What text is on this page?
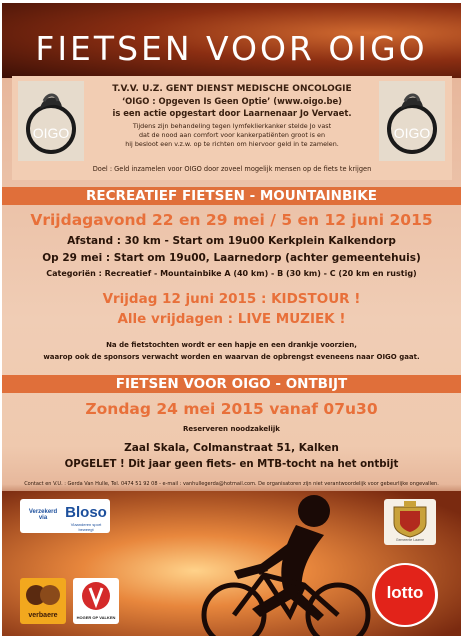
FIETSEN VOOR OIGO
OIGO	OIGO
T.V.V. U.Z. GENT DIENST MEDISCHE ONCOLOGIE
‘OIGO : Opgeven Is Geen Optie’ (www.oigo.be)
is een actie opgestart door Laarnenaar Jo Vervaet.
Tijdens zijn behandeling tegen lymfeklierkanker stelde Jo vast
dat de nood aan comfort voor kankerpatiënten groot is en
hij besloot een v.z.w. op te richten om hiervoor geld in te zamelen.
Doel : Geld inzamelen voor OIGO door zoveel mogelijk mensen op de fiets te krijgen
RECREATIEF FIETSEN - MOUNTAINBIKE
Vrijdagavond 22 en 29 mei / 5 en 12 juni 2015
Afstand : 30 km - Start om 19u00 Kerkplein Kalkendorp
Op 29 mei : Start om 19u00, Laarnedorp (achter gemeentehuis)
Categoriën : Recreatief - Mountainbike A (40 km) - B (30 km) - C (20 km en rustig)
Vrijdag 12 juni 2015 : KIDSTOUR !
Alle vrijdagen : LIVE MUZIEK !
Na de fietstochten wordt er een hapje en een drankje voorzien,
waarop ook de sponsors verwacht worden en waarvan de opbrengst eveneens naar OIGO gaat.
FIETSEN VOOR OIGO - ONTBIJT
Zondag 24 mei 2015 vanaf 07u30
Reserveren noodzakelijk
Zaal Skala, Colmanstraat 51, Kalken
OPGELET ! Dit jaar geen fiets- en MTB-tocht na het ontbijt
Contact en V.U. : Gerda Van Hulle, Tel. 0474 51 92 08 - e-mail : vanhullegerda@hotmail.com. De organisatoren zijn niet verantwoordelijk voor gebeurlijke ongevallen.
Verzekerd via	Bloso
Vlaanderen sport beweegt
Gemeente Laarne
verbaere	HOGER OP VALKEN
lotto
